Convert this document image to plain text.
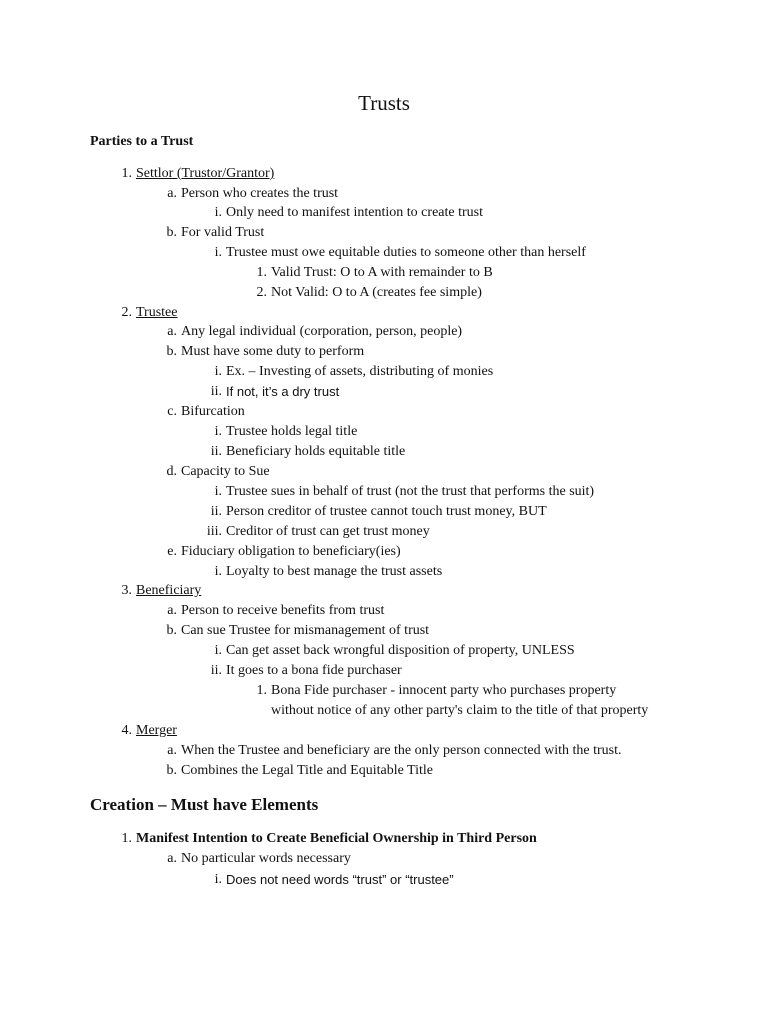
Trusts
Parties to a Trust
1. Settlor (Trustor/Grantor)
a. Person who creates the trust
i. Only need to manifest intention to create trust
b. For valid Trust
i. Trustee must owe equitable duties to someone other than herself
1. Valid Trust: O to A with remainder to B
2. Not Valid: O to A (creates fee simple)
2. Trustee
a. Any legal individual (corporation, person, people)
b. Must have some duty to perform
i. Ex. – Investing of assets, distributing of monies
ii. If not, it’s a dry trust
c. Bifurcation
i. Trustee holds legal title
ii. Beneficiary holds equitable title
d. Capacity to Sue
i. Trustee sues in behalf of trust (not the trust that performs the suit)
ii. Person creditor of trustee cannot touch trust money, BUT
iii. Creditor of trust can get trust money
e. Fiduciary obligation to beneficiary(ies)
i. Loyalty to best manage the trust assets
3. Beneficiary
a. Person to receive benefits from trust
b. Can sue Trustee for mismanagement of trust
i. Can get asset back wrongful disposition of property, UNLESS
ii. It goes to a bona fide purchaser
1. Bona Fide purchaser - innocent party who purchases property
without notice of any other party's claim to the title of that property
4. Merger
a. When the Trustee and beneficiary are the only person connected with the trust.
b. Combines the Legal Title and Equitable Title
Creation – Must have Elements
1. Manifest Intention to Create Beneficial Ownership in Third Person
a. No particular words necessary
i. Does not need words “trust” or “trustee”
